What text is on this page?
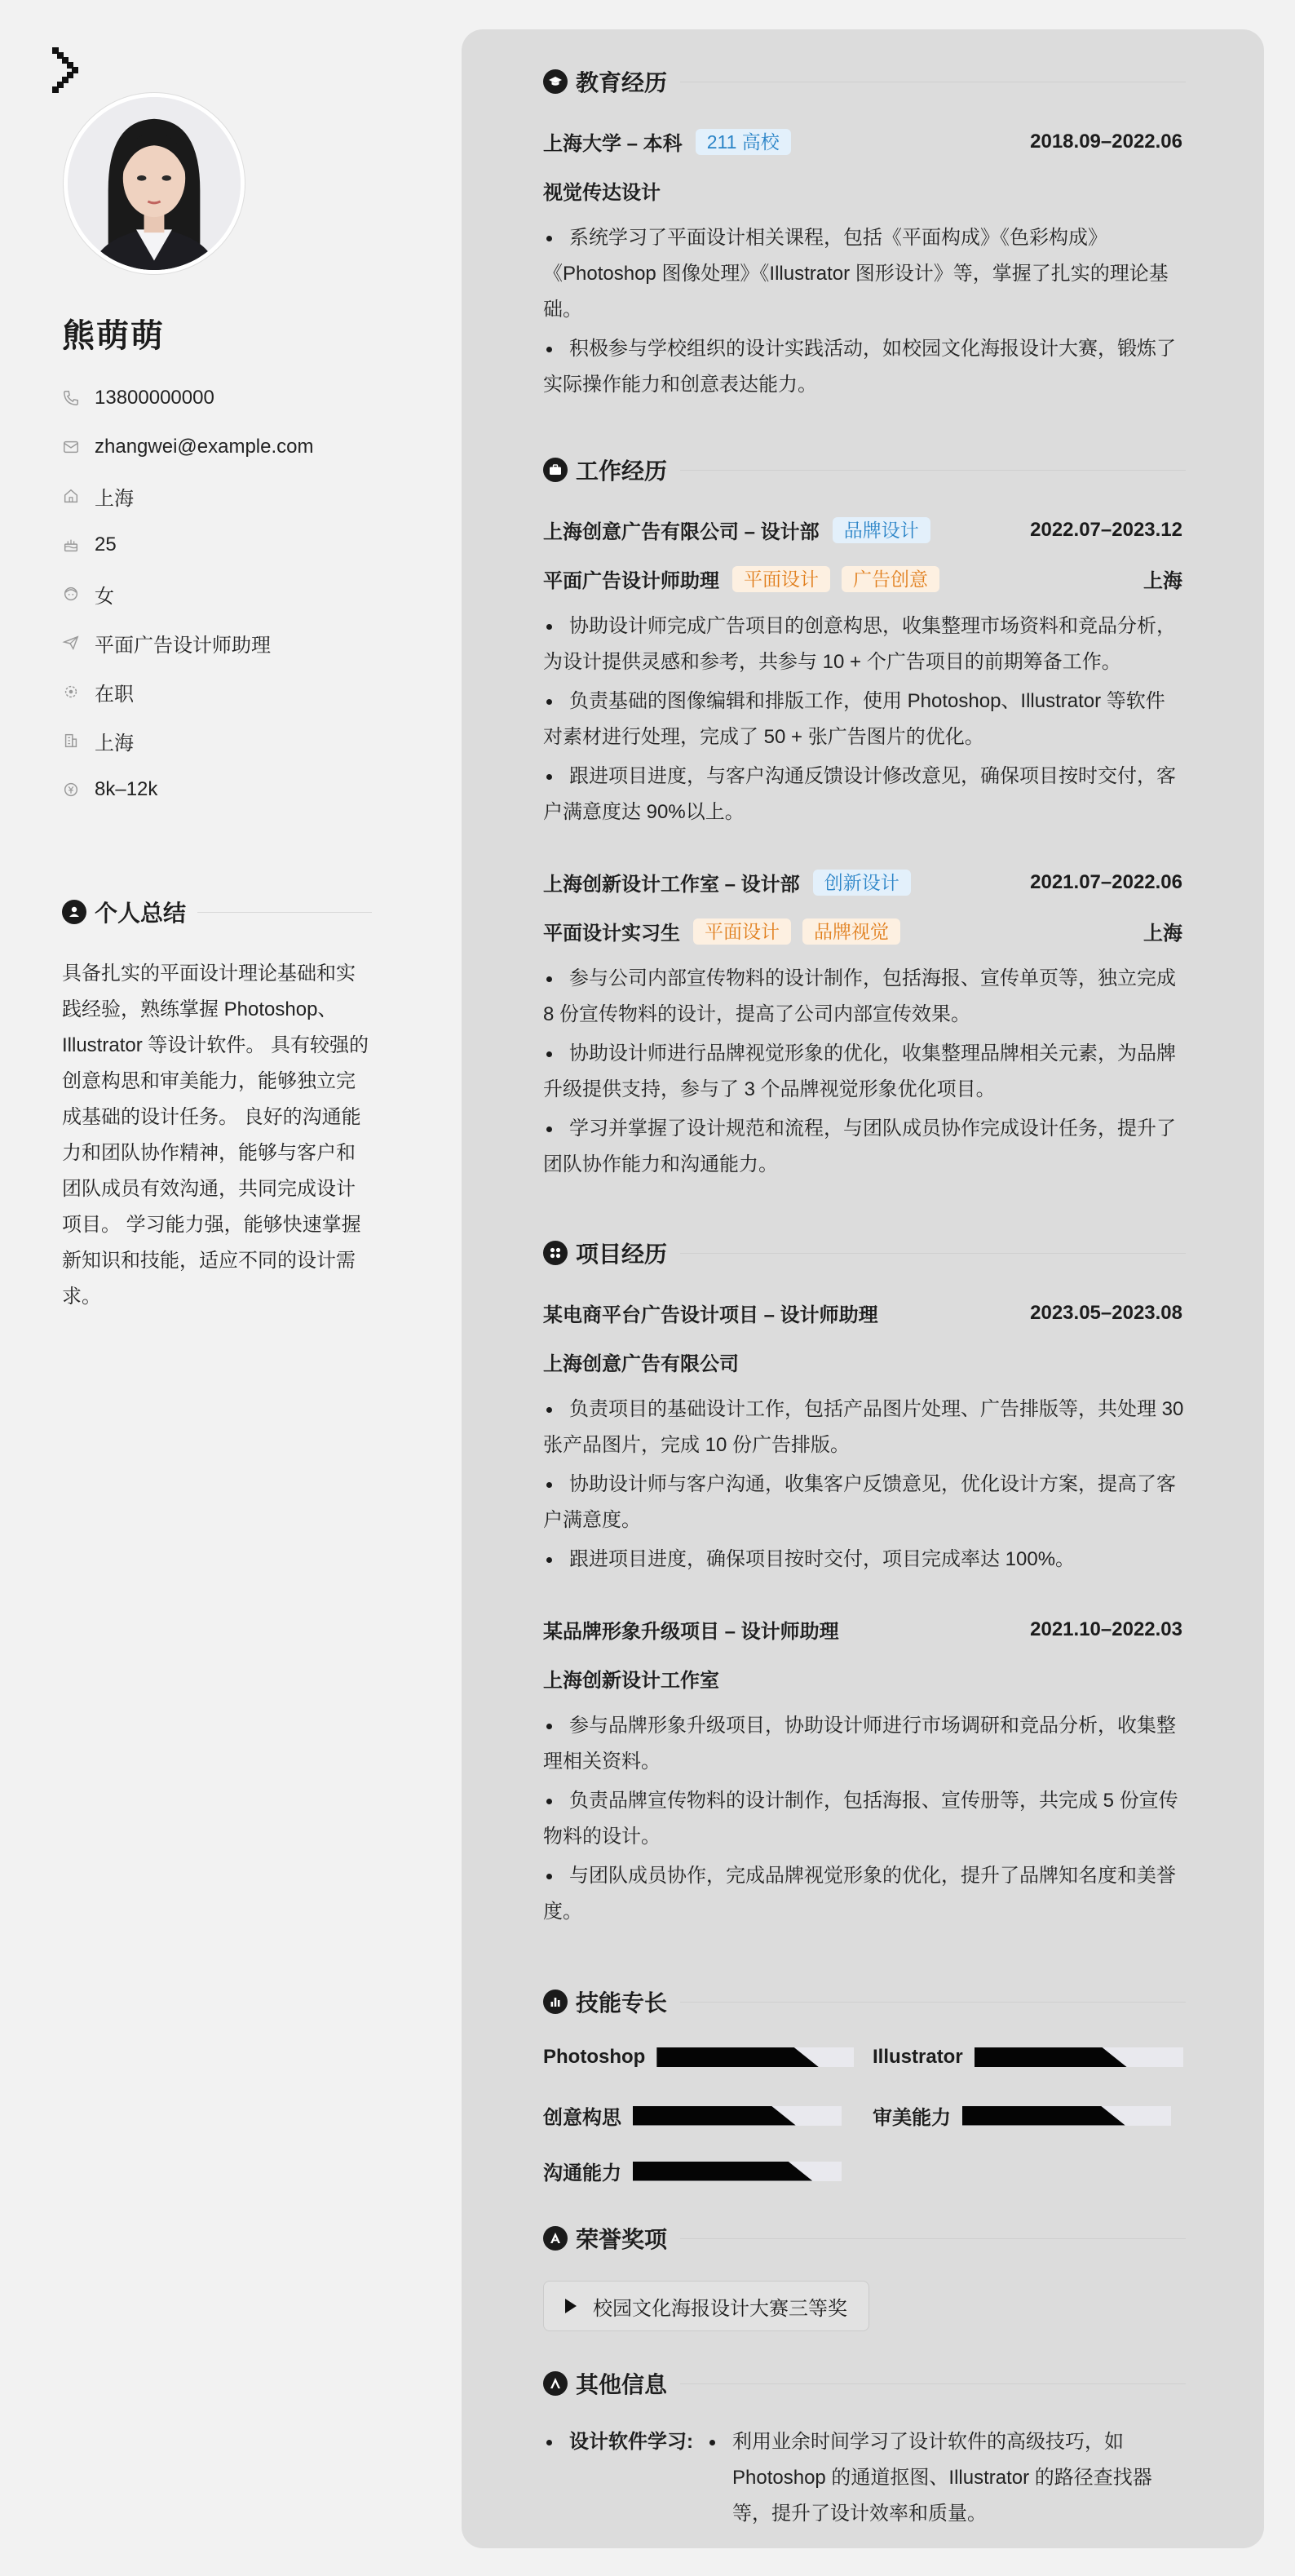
熊萌萌
13800000000
zhangwei@example.com
上海
25
女
平面广告设计师助理
在职
上海
8k–12k
个人总结
具备扎实的平面设计理论基础和实践经验，熟练掌握 Photoshop、Illustrator 等设计软件。 具有较强的创意构思和审美能力，能够独立完成基础的设计任务。 良好的沟通能力和团队协作精神，能够与客户和团队成员有效沟通，共同完成设计项目。 学习能力强，能够快速掌握新知识和技能，适应不同的设计需求。
教育经历
上海大学 – 本科	211 高校	2018.09–2022.06
视觉传达设计
系统学习了平面设计相关课程，包括《平面构成》《色彩构成》《Photoshop 图像处理》《Illustrator 图形设计》等，掌握了扎实的理论基础。
积极参与学校组织的设计实践活动，如校园文化海报设计大赛，锻炼了实际操作能力和创意表达能力。
工作经历
上海创意广告有限公司 – 设计部	品牌设计	2022.07–2023.12
平面广告设计师助理	平面设计	广告创意	上海
协助设计师完成广告项目的创意构思，收集整理市场资料和竞品分析，为设计提供灵感和参考，共参与 10 + 个广告项目的前期筹备工作。
负责基础的图像编辑和排版工作，使用 Photoshop、Illustrator 等软件对素材进行处理，完成了 50 + 张广告图片的优化。
跟进项目进度，与客户沟通反馈设计修改意见，确保项目按时交付，客户满意度达 90%以上。
上海创新设计工作室 – 设计部	创新设计	2021.07–2022.06
平面设计实习生	平面设计	品牌视觉	上海
参与公司内部宣传物料的设计制作，包括海报、宣传单页等，独立完成 8 份宣传物料的设计，提高了公司内部宣传效果。
协助设计师进行品牌视觉形象的优化，收集整理品牌相关元素，为品牌升级提供支持，参与了 3 个品牌视觉形象优化项目。
学习并掌握了设计规范和流程，与团队成员协作完成设计任务，提升了团队协作能力和沟通能力。
项目经历
某电商平台广告设计项目 – 设计师助理	2023.05–2023.08
上海创意广告有限公司
负责项目的基础设计工作，包括产品图片处理、广告排版等，共处理 30 张产品图片，完成 10 份广告排版。
协助设计师与客户沟通，收集客户反馈意见，优化设计方案，提高了客户满意度。
跟进项目进度，确保项目按时交付，项目完成率达 100%。
某品牌形象升级项目 – 设计师助理	2021.10–2022.03
上海创新设计工作室
参与品牌形象升级项目，协助设计师进行市场调研和竞品分析，收集整理相关资料。
负责品牌宣传物料的设计制作，包括海报、宣传册等，共完成 5 份宣传物料的设计。
与团队成员协作，完成品牌视觉形象的优化，提升了品牌知名度和美誉度。
技能专长
Photoshop	Illustrator
创意构思	审美能力
沟通能力
荣誉奖项
校园文化海报设计大赛三等奖
其他信息
设计软件学习:	利用业余时间学习了设计软件的高级技巧，如 Photoshop 的通道抠图、Illustrator 的路径查找器等，提升了设计效率和质量。
